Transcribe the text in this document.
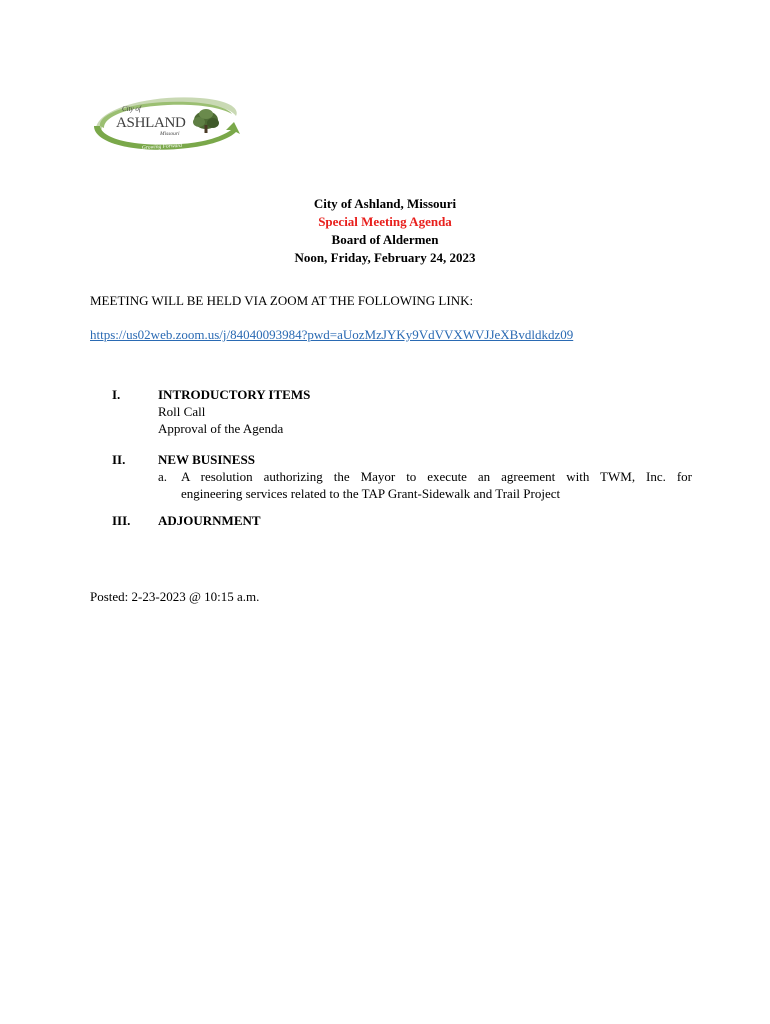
City of
ASHLAND
Missouri
Growing Forward
City of Ashland, Missouri
Special Meeting Agenda
Board of Aldermen
Noon, Friday, February 24, 2023
MEETING WILL BE HELD VIA ZOOM AT THE FOLLOWING LINK:
https://us02web.zoom.us/j/84040093984?pwd=aUozMzJYKy9VdVVXWVJJeXBvdldkdz09
I.	INTRODUCTORY ITEMS
Roll Call
Approval of the Agenda
II.	NEW BUSINESS
a. A resolution authorizing the Mayor to execute an agreement with TWM, Inc. for
engineering services related to the TAP Grant-Sidewalk and Trail Project
III. ADJOURNMENT
Posted: 2-23-2023 @ 10:15 a.m.
